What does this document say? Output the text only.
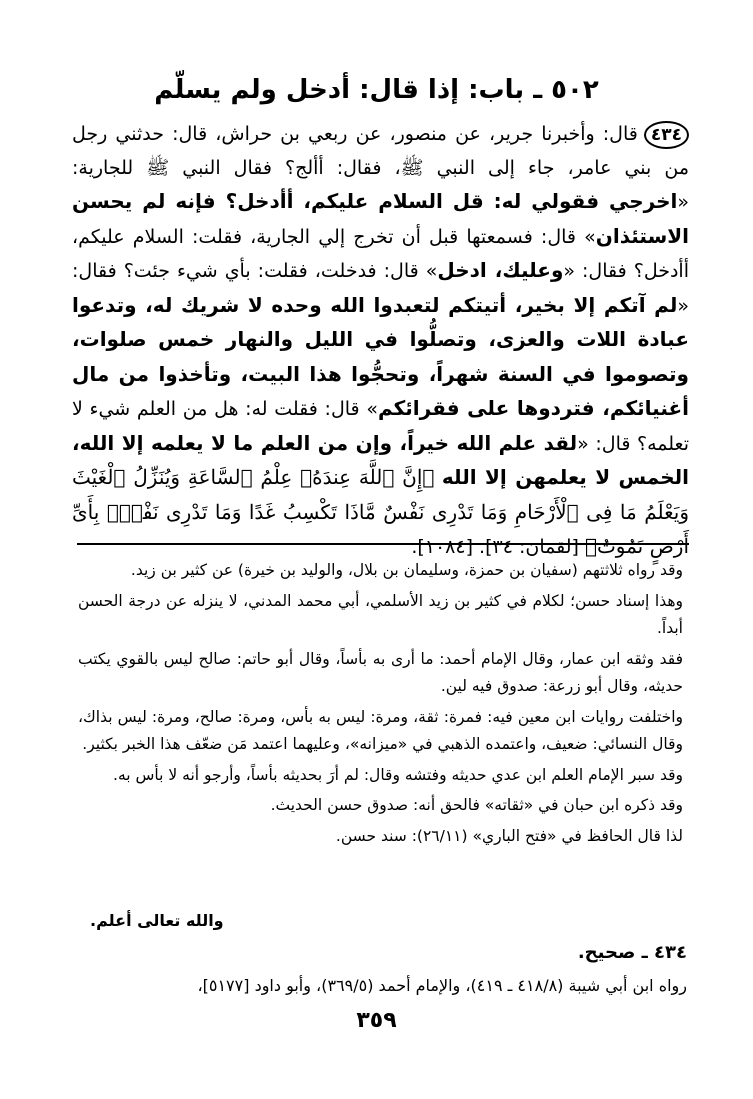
٥٠٢ ـ باب: إذا قال: أدخل ولم يسلّم

٤٣٤قال: وأخبرنا جرير، عن منصور، عن ربعي بن حراش، قال: حدثني رجل من بني عامر، جاء إلى النبي ﷺ، فقال: أألج؟ فقال النبي ﷺ للجارية: «اخرجي فقولي له: قل السلام عليكم، أأدخل؟ فإنه لم يحسن الاستئذان» قال: فسمعتها قبل أن تخرج إلي الجارية، فقلت: السلام عليكم، أأدخل؟ فقال: «وعليك، ادخل» قال: فدخلت، فقلت: بأي شيء جئت؟ فقال: «لم آتكم إلا بخير، أتيتكم لتعبدوا الله وحده لا شريك له، وتدعوا عبادة اللات والعزى، وتصلُّوا في الليل والنهار خمس صلوات، وتصوموا في السنة شهراً، وتحجُّوا هذا البيت، وتأخذوا من مال أغنيائكم، فتردوها على فقرائكم» قال: فقلت له: هل من العلم شيء لا تعلمه؟ قال: «لقد علم الله خيراً، وإن من العلم ما لا يعلمه إلا الله، الخمس لا يعلمهن إلا الله ﴿إِنَّ ٱللَّهَ عِندَهُۥ عِلْمُ ٱلسَّاعَةِ وَيُنَزِّلُ ٱلْغَيْثَ وَيَعْلَمُ مَا فِى ٱلْأَرْحَامِ وَمَا تَدْرِى نَفْسٌ مَّاذَا تَكْسِبُ غَدًا وَمَا تَدْرِى نَفْسٌۢ بِأَىِّ أَرْضٍ تَمُوتُ﴾ [لقمان: ٣٤]. [١٠٨٤].

وقد رواه ثلاثتهم (سفيان بن حمزة، وسليمان بن بلال، والوليد بن خيرة) عن كثير بن زيد.

وهذا إسناد حسن؛ لكلام في كثير بن زيد الأسلمي، أبي محمد المدني، لا ينزله عن درجة الحسن أبداً.

فقد وثقه ابن عمار، وقال الإمام أحمد: ما أرى به بأساً، وقال أبو حاتم: صالح ليس بالقوي يكتب حديثه، وقال أبو زرعة: صدوق فيه لين.

واختلفت روايات ابن معين فيه: فمرة: ثقة، ومرة: ليس به بأس، ومرة: صالح، ومرة: ليس بذاك، وقال النسائي: ضعيف، واعتمده الذهبي في «ميزانه»، وعليهما اعتمد مَن ضعّف هذا الخبر بكثير.

وقد سبر الإمام العلم ابن عدي حديثه وفتشه وقال: لم أرَ بحديثه بأساً، وأرجو أنه لا بأس به.

وقد ذكره ابن حبان في «ثقاته» فالحق أنه: صدوق حسن الحديث.

لذا قال الحافظ في «فتح الباري» (٢٦/١١): سند حسن.

والله تعالى أعلم.
٤٣٤ ـ صحيح.
رواه ابن أبي شيبة (٤١٨/٨ ـ ٤١٩)، والإمام أحمد (٣٦٩/٥)، وأبو داود [٥١٧٧]،
٣٥٩
